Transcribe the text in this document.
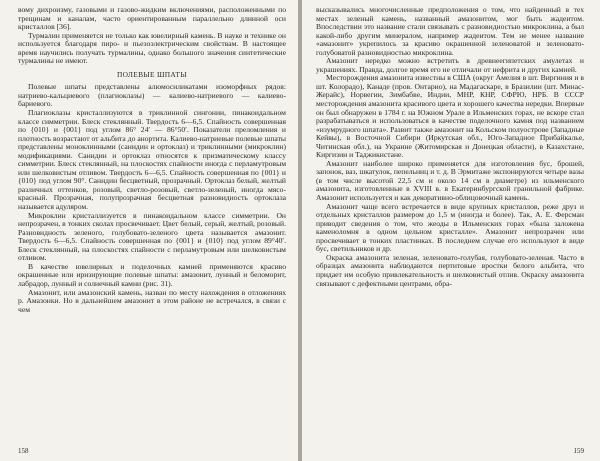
вому дихроизму, газовыми и газово-жидким включениями, расположенными по трещинам и каналам, часто ориентированным параллельно длинной оси кристаллов [36].

Турмалин применяется не только как ювелирный камень. В науке и технике он используется благодаря пиро- и пьезоэлектрическим свойствам. В настоящее время научились получать турмалины, однако большого значения синтетические турмалины не имеют.

ПОЛЕВЫЕ ШПАТЫ

Полевые шпаты представлены алюмосиликатами изоморфных рядов: натриево-кальциевого (плагиоклазы) — калиево-натриевого — калиево-бариевого.

Плагиоклазы кристаллизуются в триклинной сингонии, пинакоидальном классе симметрии. Блеск стеклянный. Твердость 6—6,5. Спайность совершенная по {010} и {001} под углом 86° 24′ — 86°50′. Показатели преломления и плотность возрастают от альбита до анортита. Калиево-натриевые полевые шпаты представлены моноклинными (санидин и ортоклаз) и триклинными (микроклин) модификациями. Санидин и ортоклаз относятся к призматическому классу симметрии. Блеск стеклянный, на плоскостях спайности иногда с перламутровым или шелковистым отливом. Твердость 6—6,5. Спайность совершенная по {001} и {010} под углом 90°. Санидин бесцветный, прозрачный. Ортоклаз белый, желтый различных оттенков, розовый, светло-розовый, светло-зеленый, иногда мясо-красный. Прозрачная, полупрозрачная бесцветная разновидность ортоклаза называется адуляром.

Микроклин кристаллизуется в пинакоидальном классе симметрии. Он непрозрачен, в тонких сколах просвечивает. Цвет белый, серый, желтый, розовый. Разновидность зеленого, голубовато-зеленого цвета называется амазонит. Твердость 6—6,5. Спайность совершенная по {001} и {010} под углом 89°40′. Блеск стеклянный, на плоскостях спайности с перламутровым или шелковистым отливом.

В качестве ювелирных и поделочных камней применяются красиво окрашенные или иризирующие полевые шпаты: амазонит, лунный и беломорит, лабрадор, лунный и солнечный камни (рис. 31).

Амазонит, или амазонский камень, назван по месту нахождения в отложениях р. Амазонки. Но в дальнейшем амазонит в этом районе не встречался, в связи с чем

158

высказывались многочисленные предположения о том, что найденный в тех местах зеленый камень, названный амазонитом, мог быть жадеитом. Впоследствии это название стали связывать с разновидностью микроклина, а был какой-либо другим минералом, например жадеитом. Тем не менее название «амазонит» укрепилось за красиво окрашенной зеленоватой и зеленовато-голубоватой разновидностью микроклина.

Амазонит нередко можно встретить в древнеегипетских амулетах и украшениях. Правда, долгое время его не отличали от нефрита и других камней.

Месторождения амазонита известны в США (округ Амелия в шт. Виргиния и в шт. Колорадо), Канаде (пров. Онтарио), на Мадагаскаре, в Бразилии (шт. Минас-Жерайс), Норвегии, Зимбабве, Индии, МНР, КНР, СФРЮ, НРБ. В СССР месторождения амазонита красивого цвета и хорошего качества нередки. Впервые он был обнаружен в 1784 г. на Южном Урале в Ильменских горах, не вскоре стал разрабатываться и использоваться в качестве поделочного камня под названием «изумрудного шпата». Развит также амазонит на Кольском полуострове (Западные Кейвы), в Восточной Сибири (Иркутская обл., Юго-Западное Прибайкалье, Читинская обл.), на Украине (Житомирская и Донецкая области), в Казахстане, Киргизии и Таджикистане.

Амазонит наиболее широко применяется для изготовления бус, брошей, запонок, ваз, шкатулок, пепельниц и т. д. В Эрмитаже экспонируются четыре вазы (в том числе высотой 22,5 см и около 14 см в диаметре) из ильменского амазонита, изготовленные в XVIII в. в Екатеринбургской гранильной фабрике. Амазонит используется и как декоративно-облицовочный камень.

Амазонит чаще всего встречается в виде крупных кристаллов, реже друз и отдельных кристаллов размером до 1,5 м (иногда и более). Так, А. Е. Ферсман приводит сведения о том, что жеоды в Ильменских горах «была заложена каменоломня в одном цельном кристалле». Амазонит непрозрачен или просвечивает в тонких пластинках. В последнем случае его используют в виде бус, светильников и др.

Окраска амазонита зеленая, зеленовато-голубая, голубовато-зеленая. Часто в образцах амазонита наблюдаются пертитовые вростки белого альбита, что придает им особую привлекательность и шелковистый отлив. Окраску амазонита связывают с дефектными центрами, обра-

159
